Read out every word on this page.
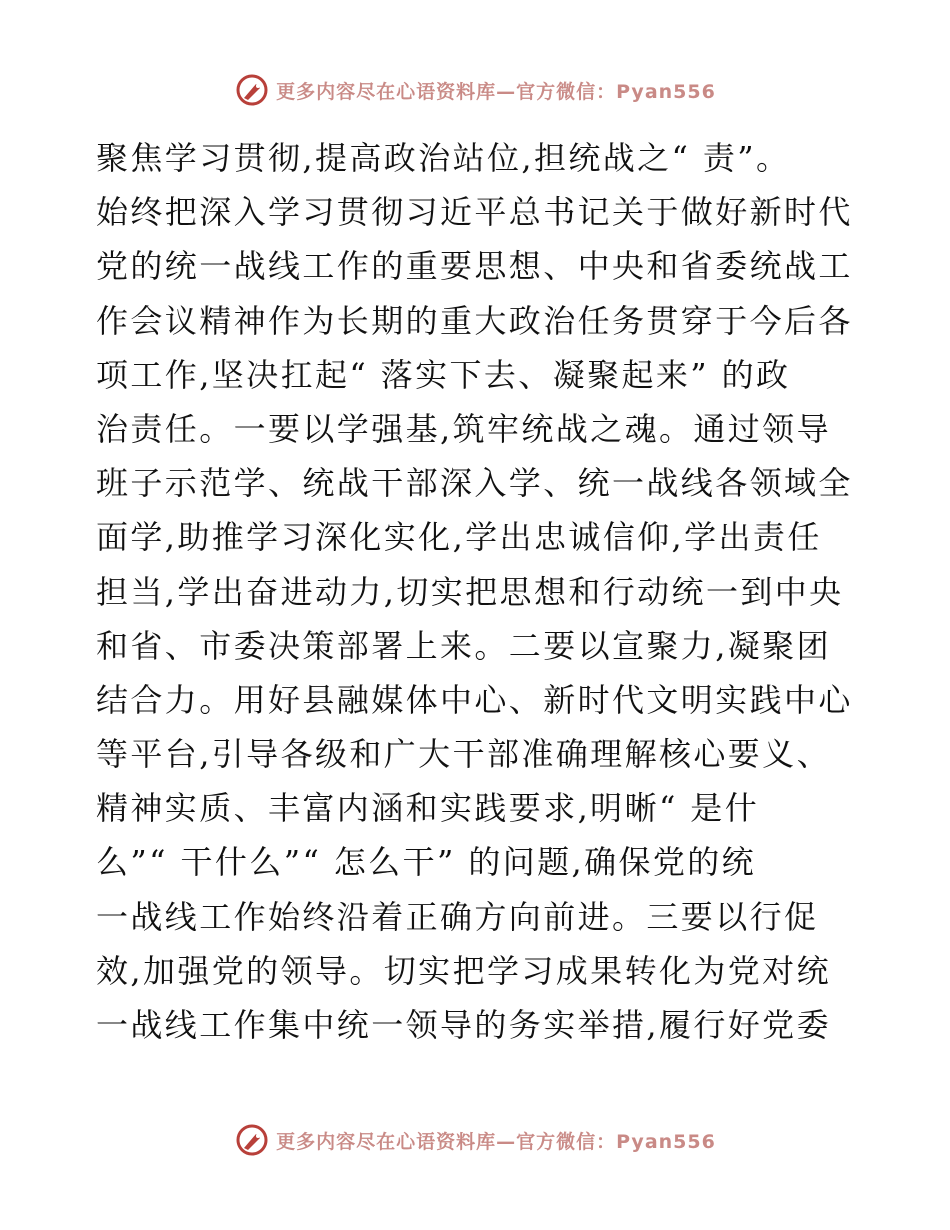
更多内容尽在心语资料库—官方微信：Pyan556
聚焦学习贯彻,提高政治站位,担统战之“ 责”。
始终把深入学习贯彻习近平总书记关于做好新时代
党的统一战线工作的重要思想、中央和省委统战工
作会议精神作为长期的重大政治任务贯穿于今后各
项工作,坚决扛起“ 落实下去、凝聚起来” 的政
治责任。一要以学强基,筑牢统战之魂。通过领导
班子示范学、统战干部深入学、统一战线各领域全
面学,助推学习深化实化,学出忠诚信仰,学出责任
担当,学出奋进动力,切实把思想和行动统一到中央
和省、市委决策部署上来。二要以宣聚力,凝聚团
结合力。用好县融媒体中心、新时代文明实践中心
等平台,引导各级和广大干部准确理解核心要义、
精神实质、丰富内涵和实践要求,明晰“ 是什
么”“ 干什么”“ 怎么干” 的问题,确保党的统
一战线工作始终沿着正确方向前进。三要以行促
效,加强党的领导。切实把学习成果转化为党对统
一战线工作集中统一领导的务实举措,履行好党委
更多内容尽在心语资料库—官方微信：Pyan556
